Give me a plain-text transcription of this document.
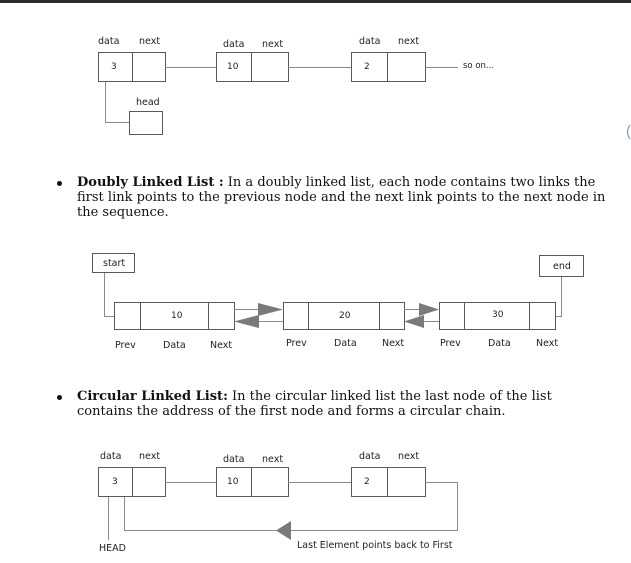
data next	data next	data next
3	10	2	so on...
head
Doubly Linked List : In a doubly linked list, each node contains two links the first link points to the previous node and the next link points to the next node in the sequence.
start	end
10	20	30
Prev	Data	Next	Prev	Data	Next	Prev	Data	Next
Circular Linked List: In the circular linked list the last node of the list contains the address of the first node and forms a circular chain.
data next	data next	data next
3	10	2
HEAD	Last Element points back to First
